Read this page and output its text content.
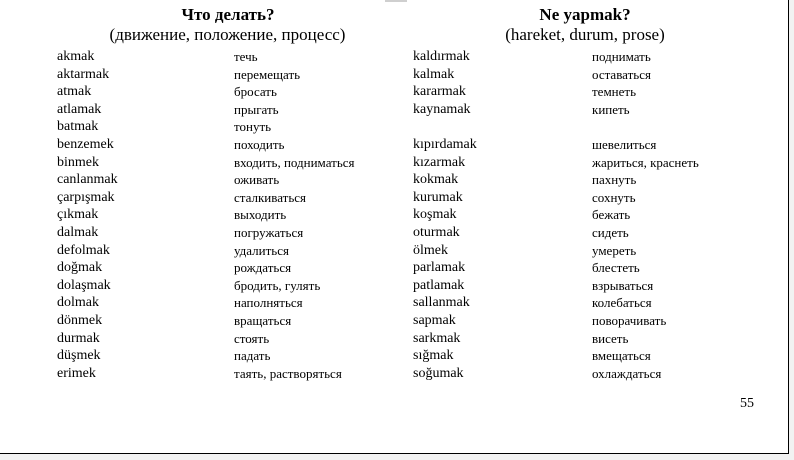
Что делать?
(движение, положение, процесс)
Ne yapmak?
(hareket, durum, prose)
akmak
aktarmak
atmak
atlamak
batmak
benzemek
binmek
canlanmak
çarpışmak
çıkmak
dalmak
defolmak
doğmak
dolaşmak
dolmak
dönmek
durmak
düşmek
erimek
течь
перемещать
бросать
прыгать
тонуть
походить
входить, подниматься
оживать
сталкиваться
выходить
погружаться
удалиться
рождаться
бродить, гулять
наполняться
вращаться
стоять
падать
таять, растворяться
kaldırmak
kalmak
kararmak
kaynamak
kıpırdamak
kızarmak
kokmak
kurumak
koşmak
oturmak
ölmek
parlamak
patlamak
sallanmak
sapmak
sarkmak
sığmak
soğumak
поднимать
оставаться
темнеть
кипеть
шевелиться
жариться, краснеть
пахнуть
сохнуть
бежать
сидеть
умереть
блестеть
взрываться
колебаться
поворачивать
висеть
вмещаться
охлаждаться
55
